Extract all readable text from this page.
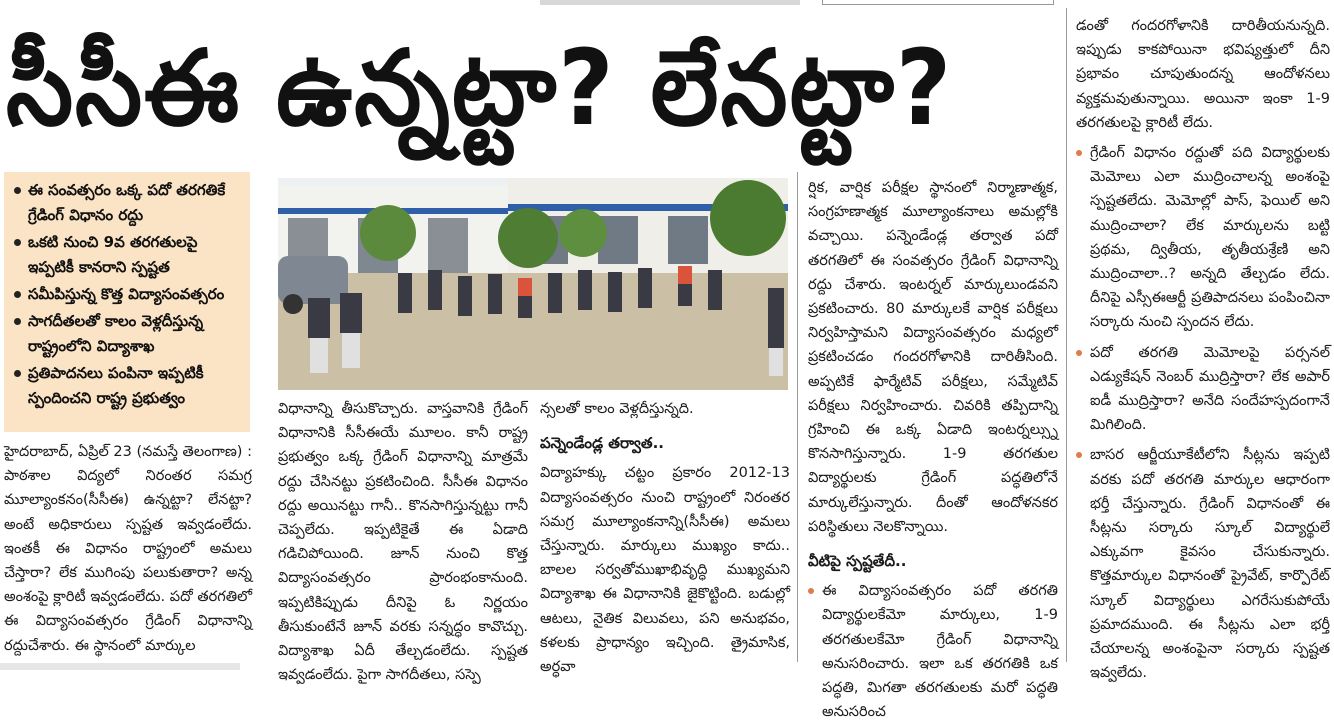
సీసీఈ ఉన్నట్టా? లేనట్టా?
ఈ సంవత్సరం ఒక్క పదో తరగతికే గ్రేడింగ్ విధానం రద్దు
ఒకటి నుంచి 9వ తరగతులపై ఇప్పటికీ కానరాని స్పష్టత
సమీపిస్తున్న కొత్త విద్యాసంవత్సరం
సాగదీతలతో కాలం వెళ్లదీస్తున్న రాష్ట్రంలోని విద్యాశాఖ
ప్రతిపాదనలు పంపినా ఇప్పటికీ స్పందించని రాష్ట్ర ప్రభుత్వం

హైదరాబాద్, ఏప్రిల్ 23 (నమస్తే తెలంగాణ) : పాఠశాల విద్యలో నిరంతర సమగ్ర మూల్యాంకనం(సీసీఈ) ఉన్నట్టా? లేనట్టా? అంటే అధికారులు స్పష్టత ఇవ్వడంలేదు. ఇంతకీ ఈ విధానం రాష్ట్రంలో అమలు చేస్తారా? లేక ముగింపు పలుకుతారా? అన్న అంశంపై క్లారిటీ ఇవ్వడంలేదు. పదో తరగతిలో ఈ విద్యాసంవత్సరం గ్రేడింగ్ విధానాన్ని రద్దుచేశారు. ఈ స్థానంలో మార్కుల

విధానాన్ని తీసుకొచ్చారు. వాస్తవానికి గ్రేడింగ్ విధానానికి సీసీఈయే మూలం. కానీ రాష్ట్ర ప్రభుత్వం ఒక్క గ్రేడింగ్ విధానాన్ని మాత్రమే రద్దు చేసినట్టు ప్రకటించింది. సీసీఈ విధానం రద్దు అయినట్టు గానీ.. కొనసాగిస్తున్నట్టు గానీ చెప్పలేదు. ఇప్పటికైతే ఈ ఏడాది గడిచిపోయింది. జూన్ నుంచి కొత్త విద్యాసంవత్సరం ప్రారంభంకానుంది. ఇప్పటికిప్పుడు దీనిపై ఓ నిర్ణయం తీసుకుంటేనే జూన్ వరకు సన్నద్ధం కావొచ్చు. విద్యాశాఖ ఏదీ తేల్చడంలేదు. స్పష్టత ఇవ్వడంలేదు. పైగా సాగదీతలు, సస్పె

న్సలతో కాలం వెళ్లదీస్తున్నది.

పన్నెండేండ్ల తర్వాత..

విద్యాహక్కు చట్టం ప్రకారం 2012-13 విద్యాసంవత్సరం నుంచి రాష్ట్రంలో నిరంతర సమగ్ర మూల్యాంకనాన్ని(సీసీఈ) అమలు చేస్తున్నారు. మార్కులు ముఖ్యం కాదు.. బాలల సర్వతోముఖాభివృద్ధి ముఖ్యమని విద్యాశాఖ ఈ విధానానికి జైకొట్టింది. బడుల్లో ఆటలు, నైతిక విలువలు, పని అనుభవం, కళలకు ప్రాధాన్యం ఇచ్చింది. త్రైమాసిక, అర్ధవా

ర్షిక, వార్షిక పరీక్షల స్థానంలో నిర్మాణాత్మక, సంగ్రహణాత్మక మూల్యాంకనాలు అమల్లోకి వచ్చాయి. పన్నెండేండ్ల తర్వాత పదో తరగతిలో ఈ సంవత్సరం గ్రేడింగ్ విధానాన్ని రద్దు చేశారు. ఇంటర్నల్ మార్కులుండవని ప్రకటించారు. 80 మార్కులకే వార్షిక పరీక్షలు నిర్వహిస్తామని విద్యాసంవత్సరం మధ్యలో ప్రకటించడం గందరగోళానికి దారితీసింది. అప్పటికే ఫార్మేటివ్ పరీక్షలు, సమ్మేటివ్ పరీక్షలు నిర్వహించారు. చివరికి తప్పిదాన్ని గ్రహించి ఈ ఒక్క ఏడాది ఇంటర్నల్స్ను కొనసాగిస్తున్నారు. 1-9 తరగతుల విద్యార్థులకు గ్రేడింగ్ పద్ధతిలోనే మార్కులేస్తున్నారు. దీంతో ఆందోళనకర పరిస్థితులు నెలకొన్నాయి.

వీటిపై స్పష్టతేదీ..

ఈ విద్యాసంవత్సరం పదో తరగతి విద్యార్థులకేమో మార్కులు, 1-9 తరగతులకేమో గ్రేడింగ్ విధానాన్ని అనుసరించారు. ఇలా ఒక తరగతికి ఒక పద్ధతి, మిగతా తరగతులకు మరో పద్ధతి అనుసరించ

డంతో గందరగోళానికి దారితీయనున్నది. ఇప్పుడు కాకపోయినా భవిష్యత్తులో దీని ప్రభావం చూపుతుందన్న ఆందోళనలు వ్యక్తమవుతున్నాయి. అయినా ఇంకా 1-9 తరగతులపై క్లారిటీ లేదు.

గ్రేడింగ్ విధానం రద్దుతో పది విద్యార్థులకు మెమోలు ఎలా ముద్రించాలన్న అంశంపై స్పష్టతలేదు. మెమోల్లో పాస్, ఫెయిల్ అని ముద్రించాలా? లేక మార్కులను బట్టి ప్రథమ, ద్వితీయ, తృతీయశ్రేణి అని ముద్రించాలా..? అన్నది తేల్చడం లేదు. దీనిపై ఎస్సీఈఆర్టీ ప్రతిపాదనలు పంపించినా సర్కారు నుంచి స్పందన లేదు.

పదో తరగతి మెమోలపై పర్సనల్ ఎడ్యుకేషన్ నెంబర్ ముద్రిస్తారా? లేక అపార్ ఐడీ ముద్రిస్తారా? అనేది సందేహస్పదంగానే మిగిలింది.

బాసర ఆర్జీయూకేటీలోని సీట్లను ఇప్పటి వరకు పదో తరగతి మార్కుల ఆధారంగా భర్తీ చేస్తున్నారు. గ్రేడింగ్ విధానంతో ఈ సీట్లను సర్కారు స్కూల్ విద్యార్థులే ఎక్కువగా కైవసం చేసుకున్నారు. కొత్తమార్కుల విధానంతో ప్రైవేట్, కార్పొరేట్ స్కూల్ విద్యార్థులు ఎగరేసుకుపోయే ప్రమాదముంది. ఈ సీట్లను ఎలా భర్తీ చేయాలన్న అంశంపైనా సర్కారు స్పష్టత ఇవ్వలేదు.
